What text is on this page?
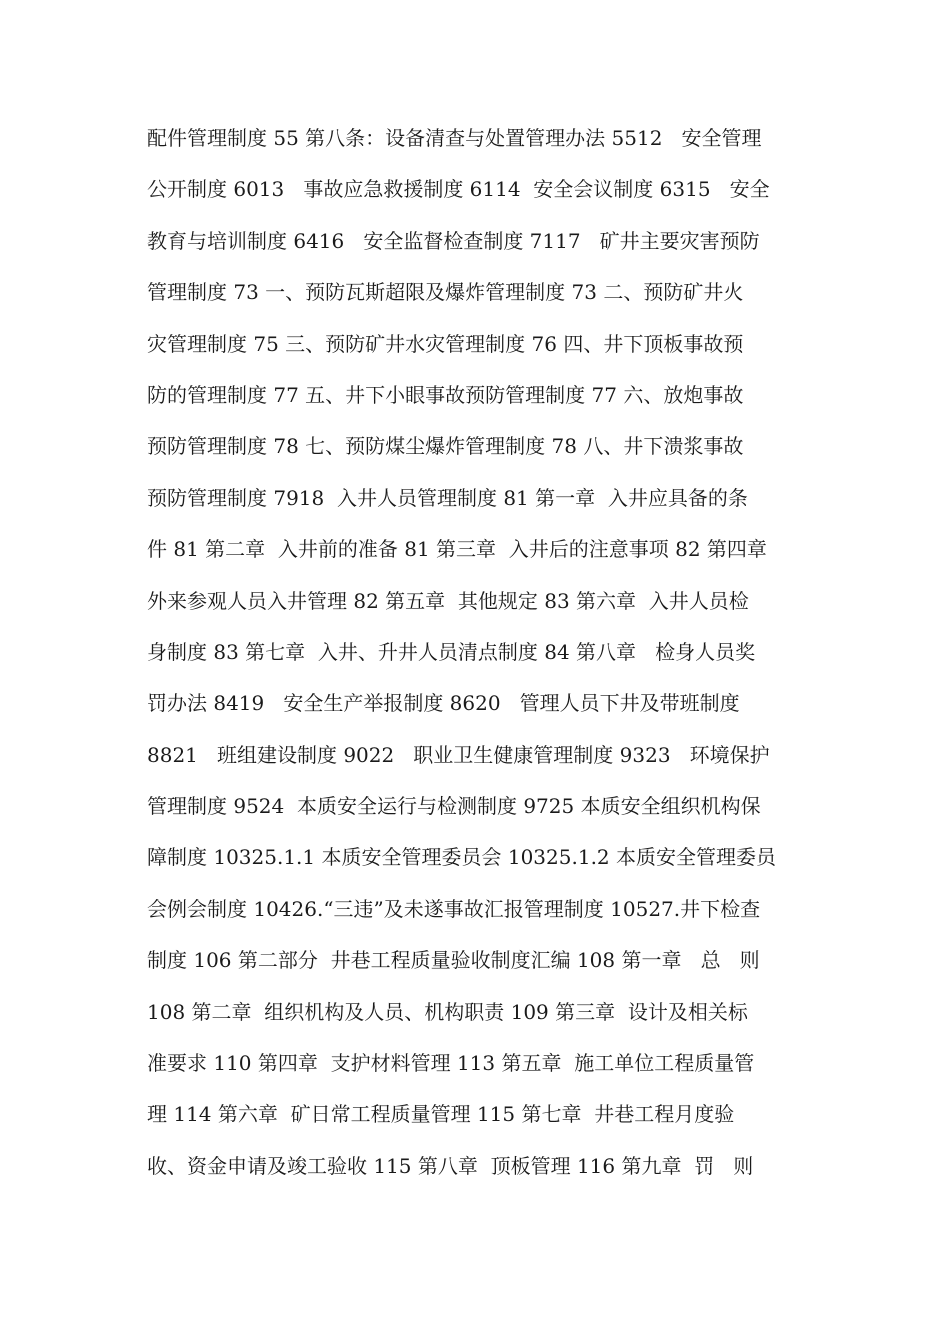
配件管理制度 55 第八条：设备清查与处置管理办法 5512   安全管理
公开制度 6013   事故应急救援制度 6114  安全会议制度 6315   安全
教育与培训制度 6416   安全监督检查制度 7117   矿井主要灾害预防
管理制度 73 一、预防瓦斯超限及爆炸管理制度 73 二、预防矿井火
灾管理制度 75 三、预防矿井水灾管理制度 76 四、井下顶板事故预
防的管理制度 77 五、井下小眼事故预防管理制度 77 六、放炮事故
预防管理制度 78 七、预防煤尘爆炸管理制度 78 八、井下溃浆事故
预防管理制度 7918  入井人员管理制度 81 第一章  入井应具备的条
件 81 第二章  入井前的准备 81 第三章  入井后的注意事项 82 第四章
外来参观人员入井管理 82 第五章  其他规定 83 第六章  入井人员检
身制度 83 第七章  入井、升井人员清点制度 84 第八章   检身人员奖
罚办法 8419   安全生产举报制度 8620   管理人员下井及带班制度
8821   班组建设制度 9022   职业卫生健康管理制度 9323   环境保护
管理制度 9524  本质安全运行与检测制度 9725 本质安全组织机构保
障制度 10325.1.1 本质安全管理委员会 10325.1.2 本质安全管理委员
会例会制度 10426.“三违”及未遂事故汇报管理制度 10527.井下检查
制度 106 第二部分  井巷工程质量验收制度汇编 108 第一章   总   则
108 第二章  组织机构及人员、机构职责 109 第三章  设计及相关标
准要求 110 第四章  支护材料管理 113 第五章  施工单位工程质量管
理 114 第六章  矿日常工程质量管理 115 第七章  井巷工程月度验
收、资金申请及竣工验收 115 第八章  顶板管理 116 第九章  罚   则
